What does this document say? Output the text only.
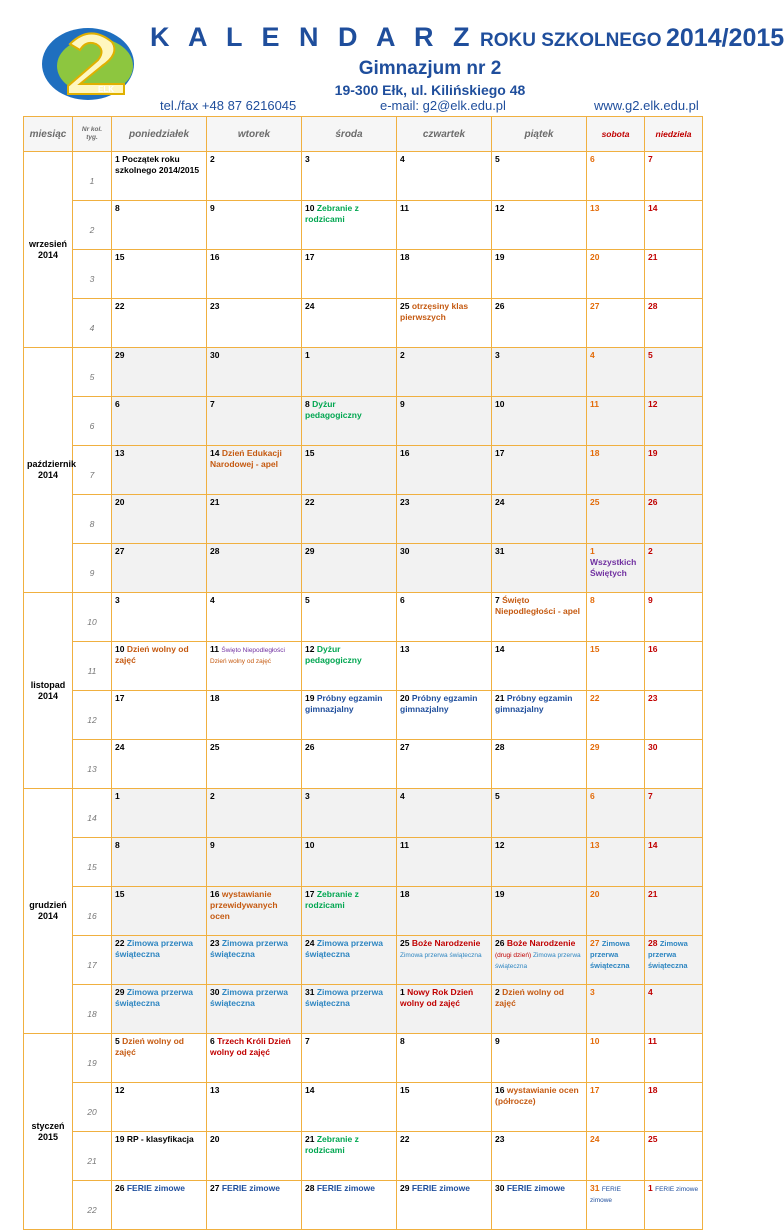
ELK
K A L E N D A R Z ROKU SZKOLNEGO 2014/2015
Gimnazjum nr 2
19-300 Ełk, ul. Kilińskiego 48
tel./fax +48 87 6216045	e-mail: g2@elk.edu.pl	www.g2.elk.edu.pl
miesiąc	Nr kol. tyg.	poniedziałek	wtorek	środa	czwartek	piątek	sobota	niedziela
wrzesień 2014	1	1 Początek roku szkolnego 2014/2015	2	3	4	5	6	7
	2	8	9	10 Zebranie z rodzicami	11	12	13	14
	3	15	16	17	18	19	20	21
	4	22	23	24	25 otrzęsiny klas pierwszych	26	27	28
październik 2014	5	29	30	1	2	3	4	5
	6	6	7	8 Dyżur pedagogiczny	9	10	11	12
	7	13	14 Dzień Edukacji Narodowej - apel	15	16	17	18	19
	8	20	21	22	23	24	25	26
	9	27	28	29	30	31	1 Wszystkich Świętych	2
listopad 2014	10	3	4	5	6	7 Święto Niepodległości - apel	8	9
	11	10 Dzień wolny od zajęć	11 Święto Niepodległości Dzień wolny od zajęć	12 Dyżur pedagogiczny	13	14	15	16
	12	17	18	19 Próbny egzamin gimnazjalny	20 Próbny egzamin gimnazjalny	21 Próbny egzamin gimnazjalny	22	23
	13	24	25	26	27	28	29	30
grudzień 2014	14	1	2	3	4	5	6	7
	15	8	9	10	11	12	13	14
	16	15	16 wystawianie przewidywanych ocen	17 Zebranie z rodzicami	18	19	20	21
	17	22 Zimowa przerwa świąteczna	23 Zimowa przerwa świąteczna	24 Zimowa przerwa świąteczna	25 Boże Narodzenie Zimowa przerwa świąteczna	26 Boże Narodzenie (drugi dzień) Zimowa przerwa świąteczna	27 Zimowa przerwa świąteczna	28 Zimowa przerwa świąteczna
	18	29 Zimowa przerwa świąteczna	30 Zimowa przerwa świąteczna	31 Zimowa przerwa świąteczna	1 Nowy Rok Dzień wolny od zajęć	2 Dzień wolny od zajęć	3	4
styczeń 2015	19	5 Dzień wolny od zajęć	6 Trzech Króli Dzień wolny od zajęć	7	8	9	10	11
	20	12	13	14	15	16 wystawianie ocen (półrocze)	17	18
	21	19 RP - klasyfikacja	20	21 Zebranie z rodzicami	22	23	24	25
	22	26 FERIE zimowe	27 FERIE zimowe	28 FERIE zimowe	29 FERIE zimowe	30 FERIE zimowe	31 FERIE zimowe	1 FERIE zimowe
